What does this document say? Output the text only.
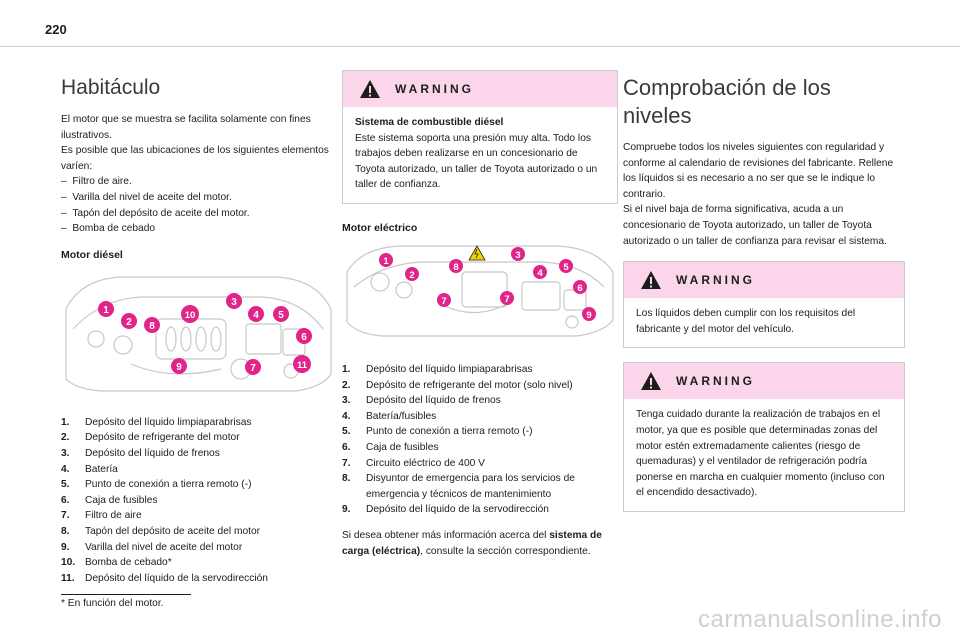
220
Habitáculo

El motor que se muestra se facilita solamente con fines ilustrativos.

Es posible que las ubicaciones de los siguientes elementos varíen:

–  Filtro de aire.
–  Varilla del nivel de aceite del motor.
–  Tapón del depósito de aceite del motor.
–  Bomba de cebado
Motor diésel
1
2
3
4 5
6
7
8
9
10
11
1.	Depósito del líquido limpiaparabrisas
2.	Depósito de refrigerante del motor
3.	Depósito del líquido de frenos
4.	Batería
5.	Punto de conexión a tierra remoto (-)
6.	Caja de fusibles
7.	Filtro de aire
8.	Tapón del depósito de aceite del motor
9.	Varilla del nivel de aceite del motor
10. Bomba de cebado*
11.	Depósito del líquido de la servodirección
* En función del motor.
WARNING
Sistema de combustible diésel
Este sistema soporta una presión muy alta. Todo los trabajos deben realizarse en un concesionario de Toyota autorizado, un taller de Toyota autorizado o un taller de confianza.
Motor eléctrico
1
2
3
4
5
6
7	7
8
9
1.	Depósito del líquido limpiaparabrisas
2.	Depósito de refrigerante del motor (solo nivel)
3.	Depósito del líquido de frenos
4.	Batería/fusibles
5.	Punto de conexión a tierra remoto (-)
6.	Caja de fusibles
7.	Circuito eléctrico de 400 V
8.	Disyuntor de emergencia para los servicios de emergencia y técnicos de mantenimiento
9.	Depósito del líquido de la servodirección

Si desea obtener más información acerca del sistema de carga (eléctrica), consulte la sección correspondiente.

Comprobación de los niveles

Compruebe todos los niveles siguientes con regularidad y conforme al calendario de revisiones del fabricante. Rellene los líquidos si es necesario a no ser que se le indique lo contrario.

Si el nivel baja de forma significativa, acuda a un concesionario de Toyota autorizado, un taller de Toyota autorizado o un taller de confianza para revisar el sistema.

WARNING
Los líquidos deben cumplir con los requisitos del fabricante y del motor del vehículo.
WARNING
Tenga cuidado durante la realización de trabajos en el motor, ya que es posible que determinadas zonas del motor estén extremadamente calientes (riesgo de quemaduras) y el ventilador de refrigeración podría ponerse en marcha en cualquier momento (incluso con el encendido desactivado).
carmanualsonline.info
